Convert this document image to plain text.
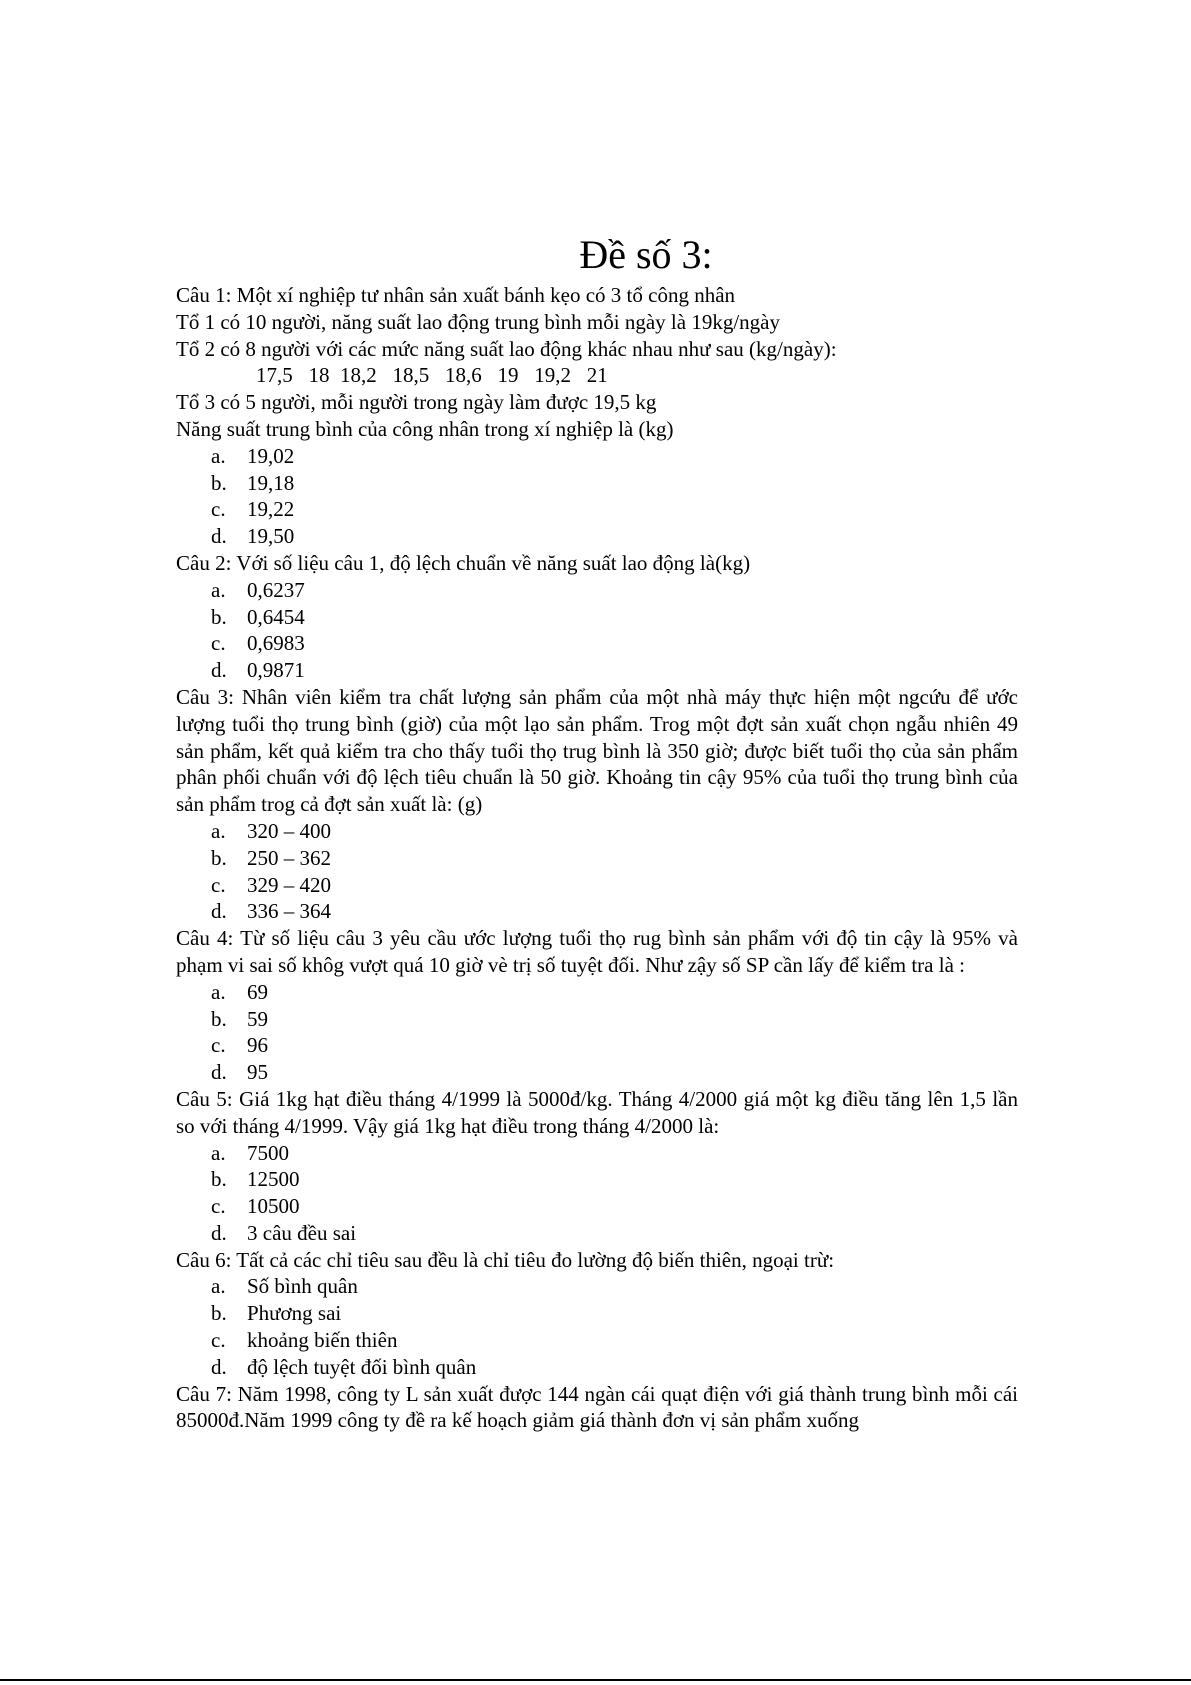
Đề số 3:
Câu 1: Một xí nghiệp tư nhân sản xuất bánh kẹo có 3 tổ công nhân
Tổ 1 có 10 người, năng suất lao động trung bình mỗi ngày là 19kg/ngày
Tổ 2 có 8 người với các mức năng suất lao động khác nhau như sau (kg/ngày):
17,5   18  18,2   18,5   18,6   19   19,2   21
Tổ 3 có 5 người, mỗi người trong ngày làm được 19,5 kg
Năng suất trung bình của công nhân trong xí nghiệp là (kg)
a.	19,02
b. 19,18
c.	19,22
d. 19,50
Câu 2: Với số liệu câu 1, độ lệch chuẩn về năng suất lao động là(kg)
a.	0,6237
b. 0,6454
c.	0,6983
d. 0,9871
Câu 3: Nhân viên kiểm tra chất lượng sản phẩm của một nhà máy thực hiện một ngcứu để ước lượng tuổi thọ trung bình (giờ) của một lạo sản phẩm. Trog một đợt sản xuất chọn ngẫu nhiên 49 sản phẩm, kết quả kiểm tra cho thấy tuổi thọ trug bình là 350 giờ; được biết tuổi thọ của sản phẩm phân phối chuẩn với độ lệch tiêu chuẩn là 50 giờ. Khoảng tin cậy 95% của tuổi thọ trung bình của sản phẩm trog cả đợt sản xuất là: (g)
a.	320 – 400
b. 250 – 362
c.	329 – 420
d. 336 – 364
Câu 4: Từ số liệu câu 3 yêu cầu ước lượng tuổi thọ rug bình sản phẩm với độ tin cậy là 95% và phạm vi sai số khôg vượt quá 10 giờ vè trị số tuyệt đối. Như zậy số SP cần lấy để kiểm tra là :
a.	69
b. 59
c.	96
d. 95
Câu 5: Giá 1kg hạt điều tháng 4/1999 là 5000đ/kg. Tháng 4/2000 giá một kg điều tăng lên 1,5 lần so với tháng 4/1999. Vậy giá 1kg hạt điều trong tháng 4/2000 là:
a.	7500
b. 12500
c.	10500
d. 3 câu đều sai
Câu 6: Tất cả các chỉ tiêu sau đều là chỉ tiêu đo lường độ biến thiên, ngoại trừ:
a.	Số bình quân
b. Phương sai
c.	khoảng biến thiên
d. độ lệch tuyệt đối bình quân
Câu 7: Năm 1998, công ty L sản xuất được 144 ngàn cái quạt điện với giá thành trung bình mỗi cái 85000đ.Năm 1999 công ty đề ra kế hoạch giảm giá thành đơn vị sản phẩm xuống
